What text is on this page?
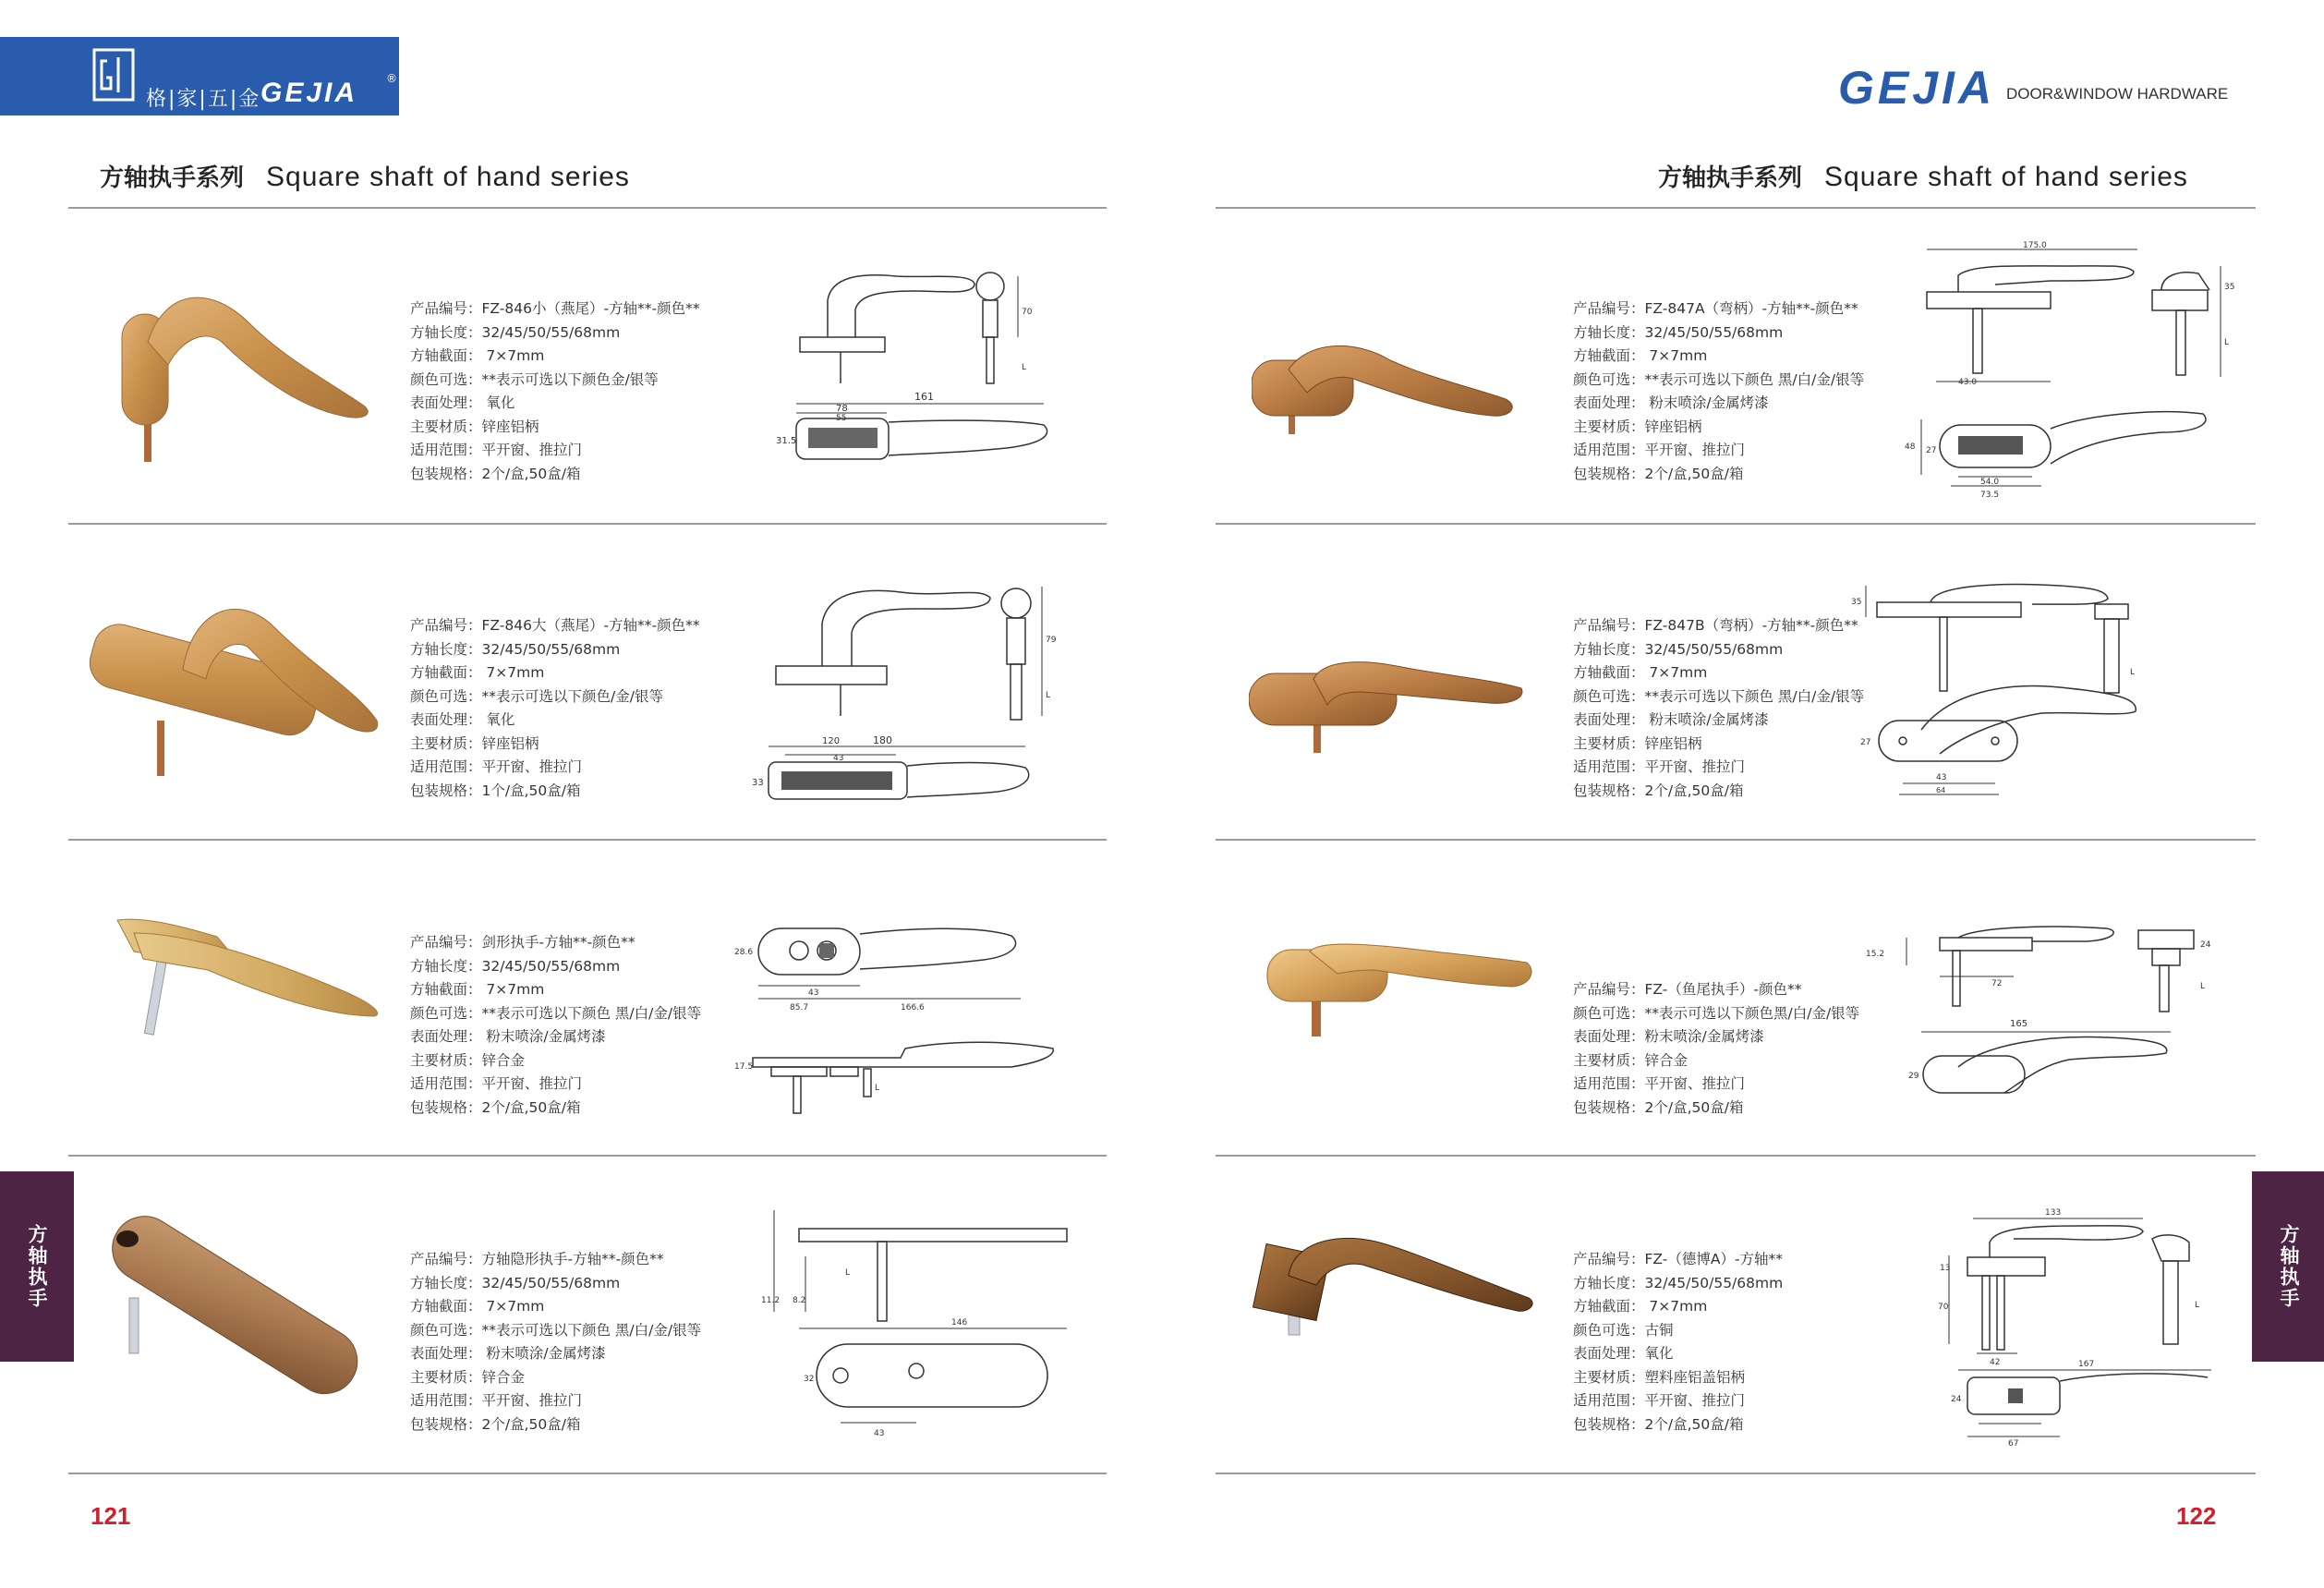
格|家|五|金 GEJIA	®	GEJIA DOOR&WINDOW HARDWARE
方轴执手系列 Square shaft of hand series	方轴执手系列 Square shaft of hand series
方轴执手	方轴执手
121	122
产品编号：FZ-846小（燕尾）-方轴**-颜色**
方轴长度：32/45/50/55/68mm
方轴截面： 7×7mm
颜色可选：**表示可选以下颜色金/银等
表面处理： 氧化
主要材质：锌座铝柄
适用范围：平开窗、推拉门
包装规格：2个/盒,50盒/箱
161
78
55
70
31.5
L
产品编号：FZ-846大（燕尾）-方轴**-颜色**
方轴长度：32/45/50/55/68mm
方轴截面： 7×7mm
颜色可选：**表示可选以下颜色/金/银等
表面处理： 氧化
主要材质：锌座铝柄
适用范围：平开窗、推拉门
包装规格：1个/盒,50盒/箱
180
120
43
79
33
L
产品编号：剑形执手-方轴**-颜色**
方轴长度：32/45/50/55/68mm
方轴截面： 7×7mm
颜色可选：**表示可选以下颜色 黑/白/金/银等
表面处理： 粉末喷涂/金属烤漆
主要材质：锌合金
适用范围：平开窗、推拉门
包装规格：2个/盒,50盒/箱
28.6
43
85.7	166.6
17.5
L
产品编号：方轴隐形执手-方轴**-颜色**
方轴长度：32/45/50/55/68mm
方轴截面： 7×7mm
颜色可选：**表示可选以下颜色 黑/白/金/银等
表面处理： 粉末喷涂/金属烤漆
主要材质：锌合金
适用范围：平开窗、推拉门
包装规格：2个/盒,50盒/箱
146
11.2 8.2
32
43
L
产品编号：FZ-847A（弯柄）-方轴**-颜色**
方轴长度：32/45/50/55/68mm
方轴截面： 7×7mm
颜色可选：**表示可选以下颜色 黑/白/金/银等
表面处理： 粉末喷涂/金属烤漆
主要材质：锌座铝柄
适用范围：平开窗、推拉门
包装规格：2个/盒,50盒/箱
175.0
43.0
35
48 27
54.0
73.5
L
产品编号：FZ-847B（弯柄）-方轴**-颜色**
方轴长度：32/45/50/55/68mm
方轴截面： 7×7mm
颜色可选：**表示可选以下颜色 黑/白/金/银等
表面处理： 粉末喷涂/金属烤漆
主要材质：锌座铝柄
适用范围：平开窗、推拉门
包装规格：2个/盒,50盒/箱
35
27
43
64
L
产品编号：FZ-（鱼尾执手）-颜色**
颜色可选：**表示可选以下颜色黑/白/金/银等
表面处理：粉末喷涂/金属烤漆
主要材质：锌合金
适用范围：平开窗、推拉门
包装规格：2个/盒,50盒/箱
15.2
72
165
29
24
L
产品编号：FZ-（德博A）-方轴**
方轴长度：32/45/50/55/68mm
方轴截面： 7×7mm
颜色可选：古铜
表面处理：氧化
主要材质：塑料座铝盖铝柄
适用范围：平开窗、推拉门
包装规格：2个/盒,50盒/箱
133
167
13
70
42
24
67
L
